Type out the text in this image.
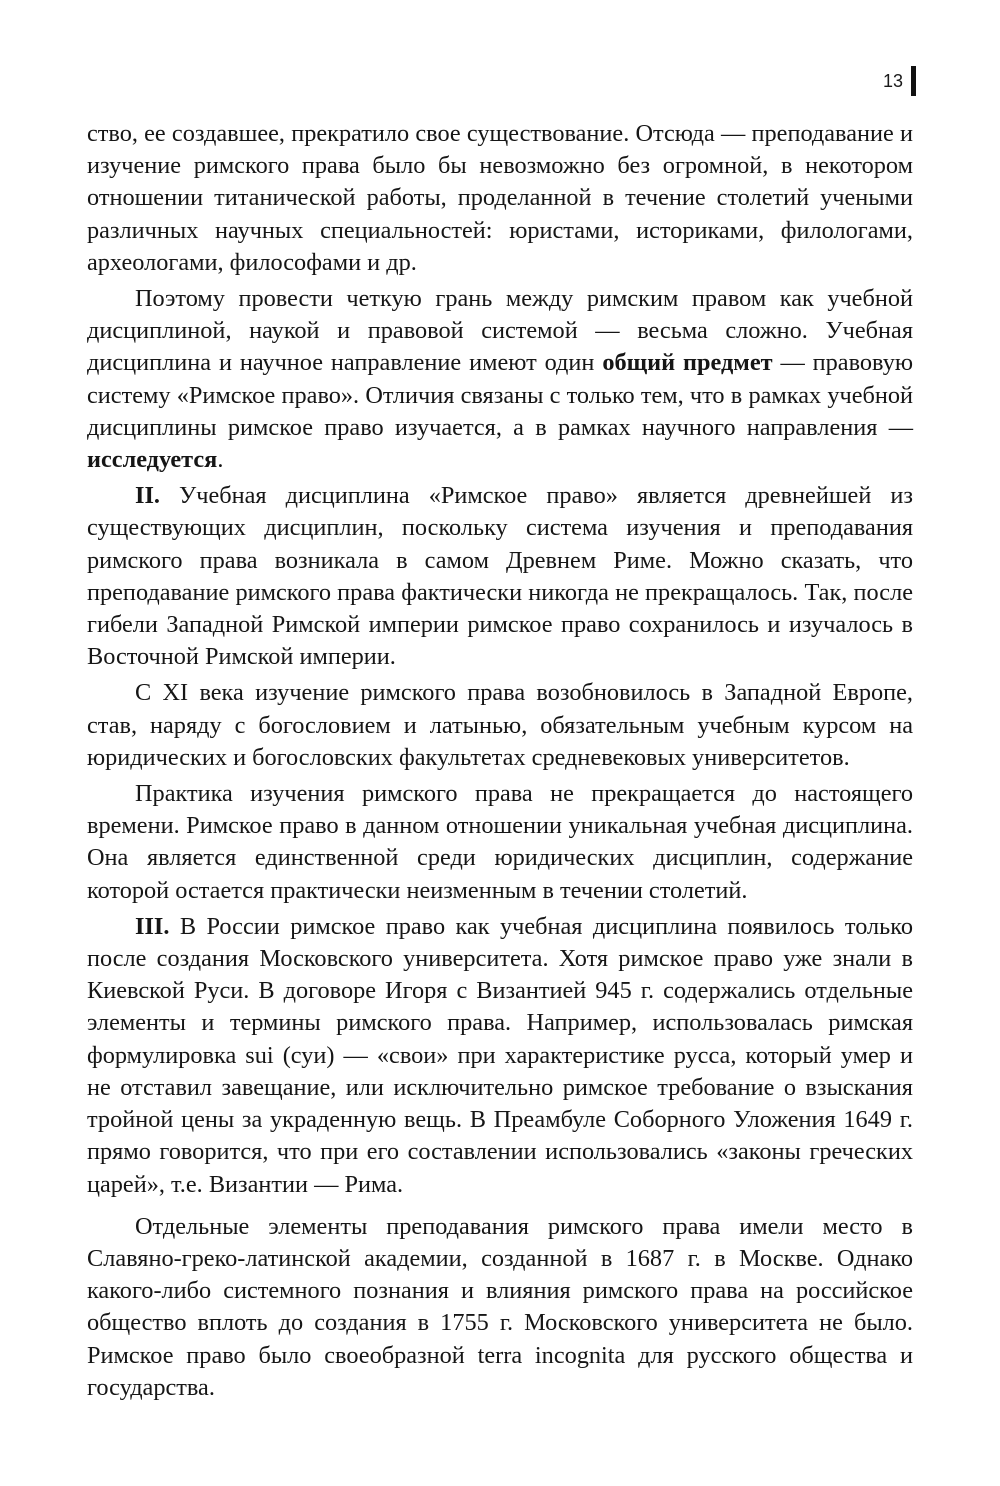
13

ство, ее создавшее, прекратило свое существование. Отсюда — преподавание и изучение римского права было бы невозможно без огромной, в некотором отношении титанической работы, проделанной в течение столетий учеными различных научных специальностей: юристами, историками, филологами, археологами, философами и др.

Поэтому провести четкую грань между римским правом как учебной дисциплиной, наукой и правовой системой — весьма сложно. Учебная дисциплина и научное направление имеют один общий предмет — правовую систему «Римское право». Отличия связаны с только тем, что в рамках учебной дисциплины римское право изучается, а в рамках научного направления — исследуется.

II. Учебная дисциплина «Римское право» является древнейшей из существующих дисциплин, поскольку система изучения и преподавания римского права возникала в самом Древнем Риме. Можно сказать, что преподавание римского права фактически никогда не прекращалось. Так, после гибели Западной Римской империи римское право сохранилось и изучалось в Восточной Римской империи.

С XI века изучение римского права возобновилось в Западной Европе, став, наряду с богословием и латынью, обязательным учебным курсом на юридических и богословских факультетах средневековых университетов.

Практика изучения римского права не прекращается до настоящего времени. Римское право в данном отношении уникальная учебная дисциплина. Она является единственной среди юридических дисциплин, содержание которой остается практически неизменным в течении столетий.

III. В России римское право как учебная дисциплина появилось только после создания Московского университета. Хотя римское право уже знали в Киевской Руси. В договоре Игоря с Византией 945 г. содержались отдельные элементы и термины римского права. Например, использовалась римская формулировка sui (суи) — «свои» при характеристике русса, который умер и не отставил завещание, или исключительно римское требование о взыскания тройной цены за украденную вещь. В Преамбуле Соборного Уложения 1649 г. прямо говорится, что при его составлении использовались «законы греческих царей», т.е. Византии — Рима.

Отдельные элементы преподавания римского права имели место в Славяно-греко-латинской академии, созданной в 1687 г. в Москве. Однако какого-либо системного познания и влияния римского права на российское общество вплоть до создания в 1755 г. Московского университета не было. Римское право было своеобразной terra incognita для русского общества и государства.
